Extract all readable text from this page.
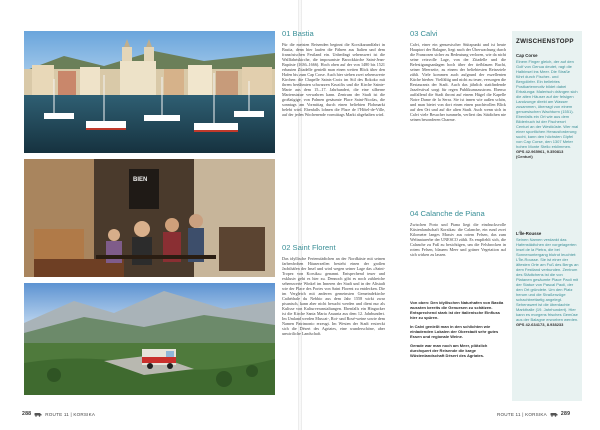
BIEN
01 Bastia

Für die meisten Reisenden beginnt die Korsikarundfahrt in Bastia, denn hier laufen die Fähren aus Italien und dem französischen Festland ein. Unbedingt sehenswert ist die Wallfahrtskirche, die imposantste Barockkirche Saint-Jean-Baptiste (1636–1666). Hoch oben auf der von 1480 bis 1521 erbauten Zitadelle genießt man einen weiten Blick über den Hafen bis zum Cap Corse. Auch hier stehen zwei sehenswerte Kirchen: die Chapelle Saints-Croix im Stil des Rokoko mit ihrem berühmten schwarzen Kruzifix und die Kirche Sainte-Marie aus dem 15.–17. Jahrhundert, die eine silberne Marienstatue verwahren kann. Zentrum der Stadt ist die großzügige, von Palmen gesäumte Place Saint-Nicolas, die sonntags am Vormittag durch einen beliebten Flohmarkt belebt wird. Ebenfalls lohnen die Place de l’Hôtel-de-Ville, auf der jeden Wochenende vormittags Markt abgehalten wird.

02 Saint Florent

Das idyllische Ferienstädtchen an der Nordküste mit seinen farbenfrohen Häuserzeilen besteht einen der großen Jachthäfen der Insel und wird wegen seiner Lage das »Saint-Tropez von Korsika« genannt. Entspechend teuer und exklusiv geht es hier zu. Dennoch gibt es noch zahlreiche sehenswerte Winkel im Inneren der Stadt und in der Altstadt wie der Place des Portes von Saint Florent zu entdecken. Die im Vergleich mit anderen gemeinsten Gemeindekirche Cathédrale du Nebbio aus dem Jahr 1558 wirkt zwar pisanisch, kann aber nicht besucht werden und dient nur als Kulisse von Kulturveranstaltungen. Ebenfalls ein Hingucker ist die Kirche Santa Maria Assunta aus dem 12. Jahrhundert. Im Umland werden Muscat-, Rot- und Rosé-weine sowie dem Namen Patrimonio erzeugt. Im Westen der Stadt erstreckt sich die Désert des Agriates, eine wunderschöne, aber unwirtliche Landschaft.

03 Calvi

Calvi, einer ein genuesischer Stützpunkt und ist heute Hauptort der Balagne, liegt nach der Überwachung durch die Franzosen sicher zu Bedeutung verloren, wie da nicht seine reizvolle Lage, von der Zitadelle und die Befestigungsanlagen hoch über der tiefblauen Bucht, seiner Meerseite, zu einem der beliebtesten Reiseziele zählt. Viele kommen auch aufgrund der exzellenten Küche hierher. Vielfältig und nicht zu teuer, versorgen die Restaurants der Stadt. Auch das jährlich stattfindende Jazzfestival sorgt für regen Publikumszustrom. Ebenso auffallend die Stadt thront auf einem Hügel die Kapelle Notre Dame de la Serra. Sie ist innen wie außen schön, und man bietet von dort einen einen prachtvollen Blick auf den Ort und auf die alten Stadt. Auch wenn sich in Calvi viele Besucher tummeln, verliert das Städtchen nie seinen besonderen Charme.

04 Calanche de Piana

Zwischen Porto und Piana liegt die eindrucksvolle Küstenlandschaft Korsikas: die Calanche, ein rund zwei Kilometer langes Massiv aus rotem Felsen, das zum Weltnaturerbe der UNESCO zählt. Es empfiehlt sich, die Calanche zu Fuß zu besichtigen, um die Felsbrocken in rotem Felsen, blauem Meer und grüner Vegetation auf sich wirken zu lassen.

Von oben: Den idyllischen Naturhafen von Bastia wussten bereits die Genuesen zu schätzen. Entsprechend stark ist der italienische Einfluss hier zu spüren.

In Calvi genießt man in den schlichten wie einladenden Lokalen der Oberstadt sehr gutes Essen und regionale Weine.

Gerade war man noch am Meer, plötzlich durchquert der Reisende die karge Wüstenlandschaft Désert des Agriates.

ZWISCHENSTOPP

Cap Corse

Einem Finger gleich, der auf den Golf von Genua deutet, ragt die Halbinsel ins Meer. Die Straße führt durch Fischer- und Bergdörfer. Ein beliebtes Postkartenmotiv bildet dabei Erbalunga: Malerisch drängen sich die alten Häuser auf der felsigen Landzunge direkt am Wasser zusammen, überragt von einem genuesischen Wachturm (1551). Ebenfalls ein Ort wie aus dem Bilderbuch ist der Fischerort Centuri an der Westküste. Wer mal einer sportlichen Herausforderung sucht, kann den höchsten Gipfel von Cap Corse, den 1307 Meter hohen Monte Stello erklimmen.

GPS 42.965961, 9.350813 (Centuri)

L’Île-Rousse

Seinen Namen verdankt das Hafenstädtchen der vorgelagerten Insel de la Pietra, die bei Sonnenuntergang blutrot leuchtet: L’Île-Rousse. Sie ist einer der ältesten Orte am Fuß des Bergs an dem Festland verbunden. Zentrum des Städtchens ist die von Platanen gesäumte Place Paoli mit der Statue von Pascal Paoli, der den Ort gründete. Um den Platz herum und die Straßenzüge schachbrettartig angelegt. Sehenswert ist die überdachte Markthalle (19. Jahrhundert). Hier kann es morgens frisches Gemüse aus der Balagne erworben werden.

GPS 42.634173, 8.938233

288	ROUTE 11 | KORSIKA	ROUTE 11 | KORSIKA	289
